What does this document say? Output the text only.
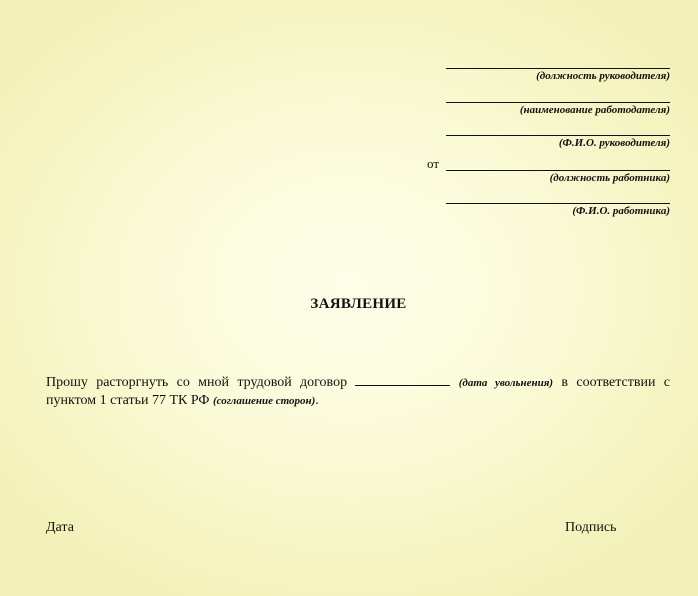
(должность руководителя)
(наименование работодателя)
(Ф.И.О. руководителя)
(должность работника)
(Ф.И.О. работника)
от
ЗАЯВЛЕНИЕ
Прошу расторгнуть со мной трудовой договор	(дата увольнения) в соответствии с пунктом 1 статьи 77 ТК РФ (соглашение сторон).
Дата	Подпись
